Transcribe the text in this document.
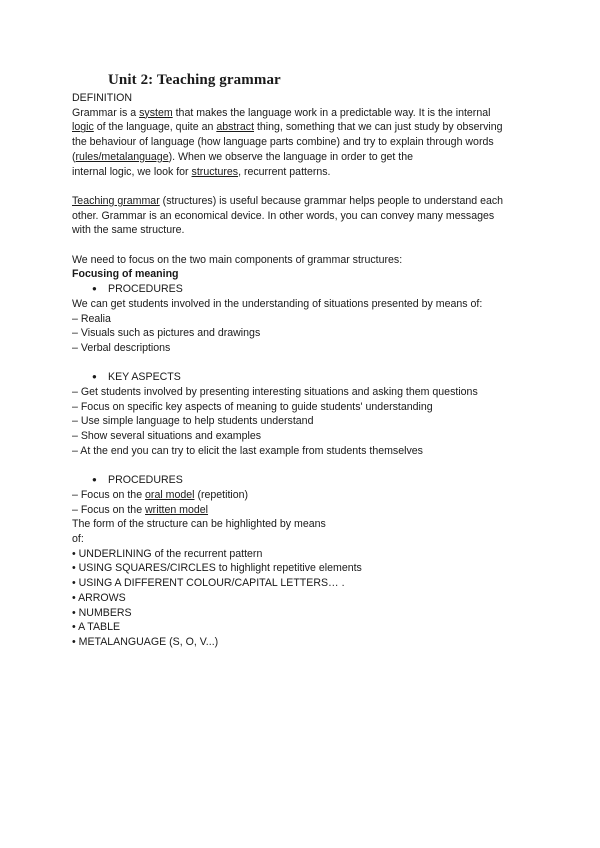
Unit 2: Teaching grammar
DEFINITION
Grammar is a system that makes the language work in a predictable way. It is the internal
logic of the language, quite an abstract thing, something that we can just study by observing
the behaviour of language (how language parts combine) and try to explain through words
(rules/metalanguage). When we observe the language in order to get the
internal logic, we look for structures, recurrent patterns.
Teaching grammar (structures) is useful because grammar helps people to understand each
other. Grammar is an economical device. In other words, you can convey many messages
with the same structure.
We need to focus on the two main components of grammar structures:
Focusing of meaning
● PROCEDURES
We can get students involved in the understanding of situations presented by means of:
– Realia
– Visuals such as pictures and drawings
– Verbal descriptions
● KEY ASPECTS
– Get students involved by presenting interesting situations and asking them questions
– Focus on specific key aspects of meaning to guide students' understanding
– Use simple language to help students understand
– Show several situations and examples
– At the end you can try to elicit the last example from students themselves
● PROCEDURES
– Focus on the oral model (repetition)
– Focus on the written model
The form of the structure can be highlighted by means
of:
• UNDERLINING of the recurrent pattern
• USING SQUARES/CIRCLES to highlight repetitive elements
• USING A DIFFERENT COLOUR/CAPITAL LETTERS… .
• ARROWS
• NUMBERS
• A TABLE
• METALANGUAGE (S, O, V...)
